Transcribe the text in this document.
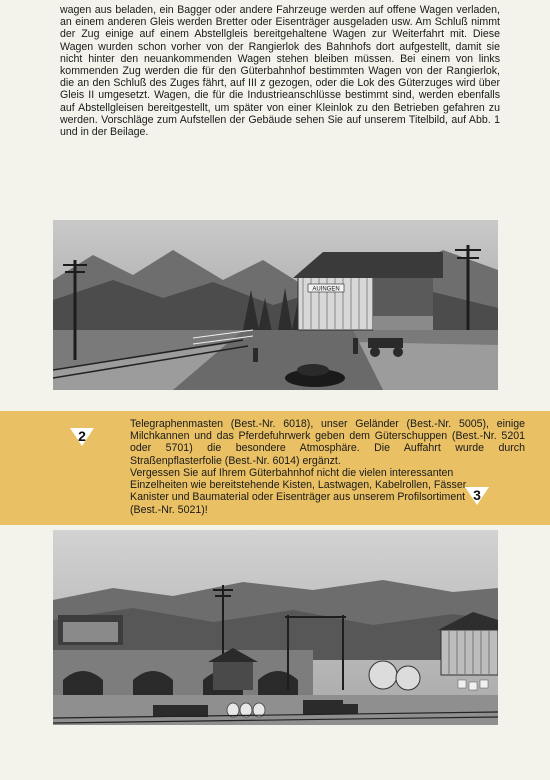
wagen aus beladen, ein Bagger oder andere Fahrzeuge werden auf offene Wagen verladen, an einem anderen Gleis werden Bretter oder Eisenträger ausgeladen usw. Am Schluß nimmt der Zug einige auf einem Abstellgleis bereitgehaltene Wagen zur Weiterfahrt mit. Diese Wagen wurden schon vorher von der Rangierlok des Bahnhofs dort aufgestellt, damit sie nicht hinter den neuankommenden Wagen stehen bleiben müssen. Bei einem von links kommenden Zug werden die für den Güterbahnhof bestimmten Wagen von der Rangierlok, die an den Schluß des Zuges fährt, auf III z gezogen, oder die Lok des Güterzuges wird über Gleis II umgesetzt. Wagen, die für die Industrieanschlüsse bestimmt sind, werden ebenfalls auf Abstellgleisen bereitgestellt, um später von einer Kleinlok zu den Betrieben gefahren zu werden. Vorschläge zum Aufstellen der Gebäude sehen Sie auf unserem Titelbild, auf Abb. 1 und in der Beilage.

AUINGEN
2

Telegraphenmasten (Best.-Nr. 6018), unser Geländer (Best.-Nr. 5005), einige Milchkannen und das Pferdefuhrwerk geben dem Güterschuppen (Best.-Nr. 5201 oder 5701) die besondere Atmosphäre. Die Auffahrt wurde durch Straßenpflasterfolie (Best.-Nr. 6014) ergänzt.

Vergessen Sie auf Ihrem Güterbahnhof nicht die vielen interessanten Einzelheiten wie bereitstehende Kisten, Lastwagen, Kabelrollen, Fässer, Kanister und Baumaterial oder Eisenträger aus unserem Profilsortiment (Best.-Nr. 5021)!

3
